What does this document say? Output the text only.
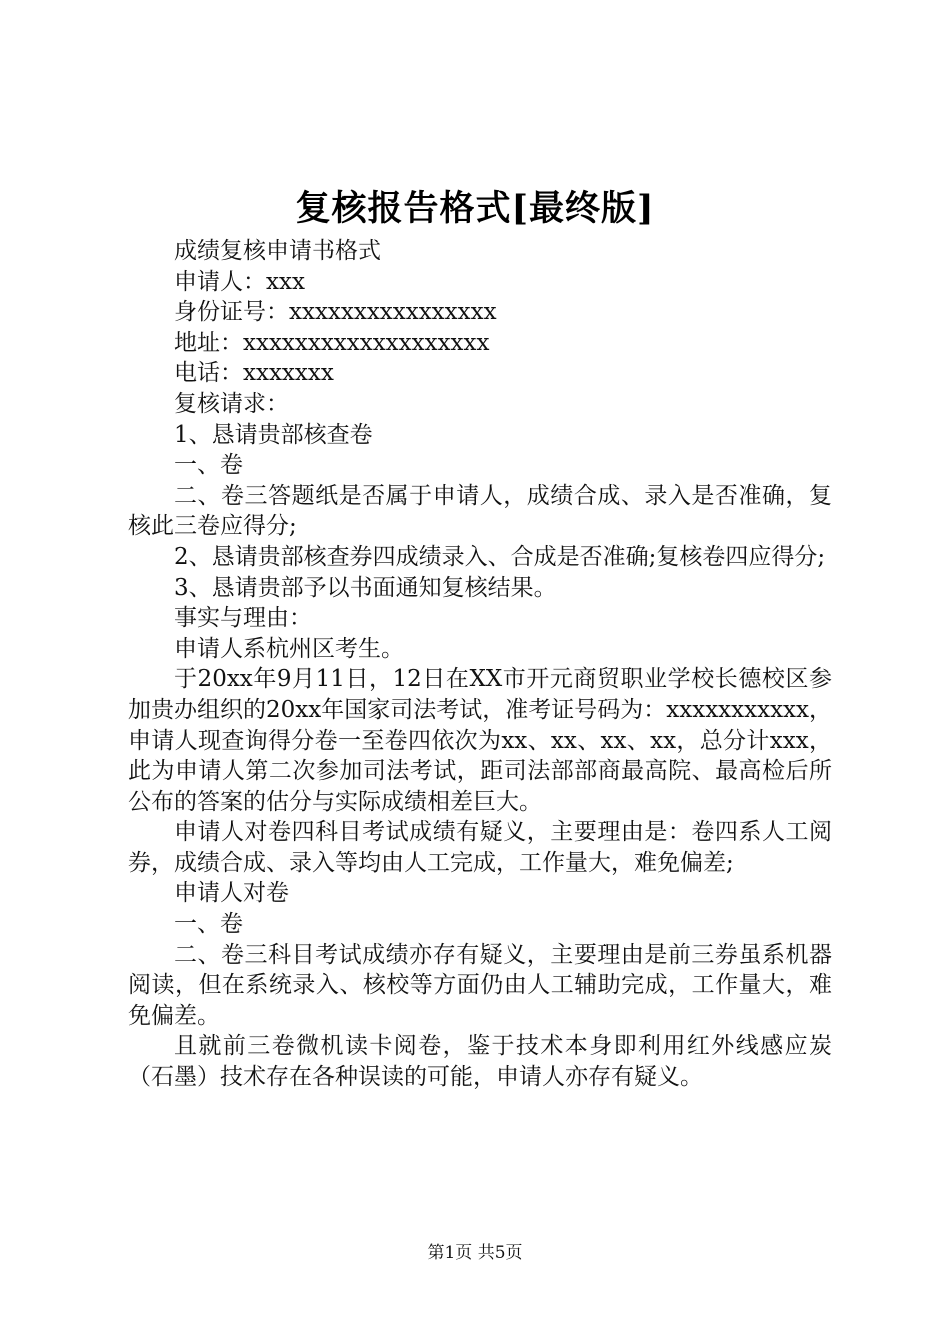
复核报告格式[最终版]

成绩复核申请书格式

申请人：xxx

身份证号：xxxxxxxxxxxxxxxx

地址：xxxxxxxxxxxxxxxxxxx

电话：xxxxxxx

复核请求：

1、恳请贵部核查卷

一、卷

二、卷三答题纸是否属于申请人，成绩合成、录入是否准确，复核此三卷应得分;

2、恳请贵部核查券四成绩录入、合成是否准确;复核卷四应得分;

3、恳请贵部予以书面通知复核结果。

事实与理由：

申请人系杭州区考生。

于20xx年9月11日，12日在XX市开元商贸职业学校长德校区参加贵办组织的20xx年国家司法考试，准考证号码为：xxxxxxxxxxx，申请人现查询得分卷一至卷四依次为xx、xx、xx、xx，总分计xxx，此为申请人第二次参加司法考试，距司法部部商最高院、最高检后所公布的答案的估分与实际成绩相差巨大。

申请人对卷四科目考试成绩有疑义，主要理由是：卷四系人工阅券，成绩合成、录入等均由人工完成，工作量大，难免偏差;

申请人对卷

一、卷

二、卷三科目考试成绩亦存有疑义，主要理由是前三券虽系机器阅读，但在系统录入、核校等方面仍由人工辅助完成，工作量大，难免偏差。

且就前三卷微机读卡阅卷，鉴于技术本身即利用红外线感应炭（石墨）技术存在各种误读的可能，申请人亦存有疑义。

第1页 共5页
